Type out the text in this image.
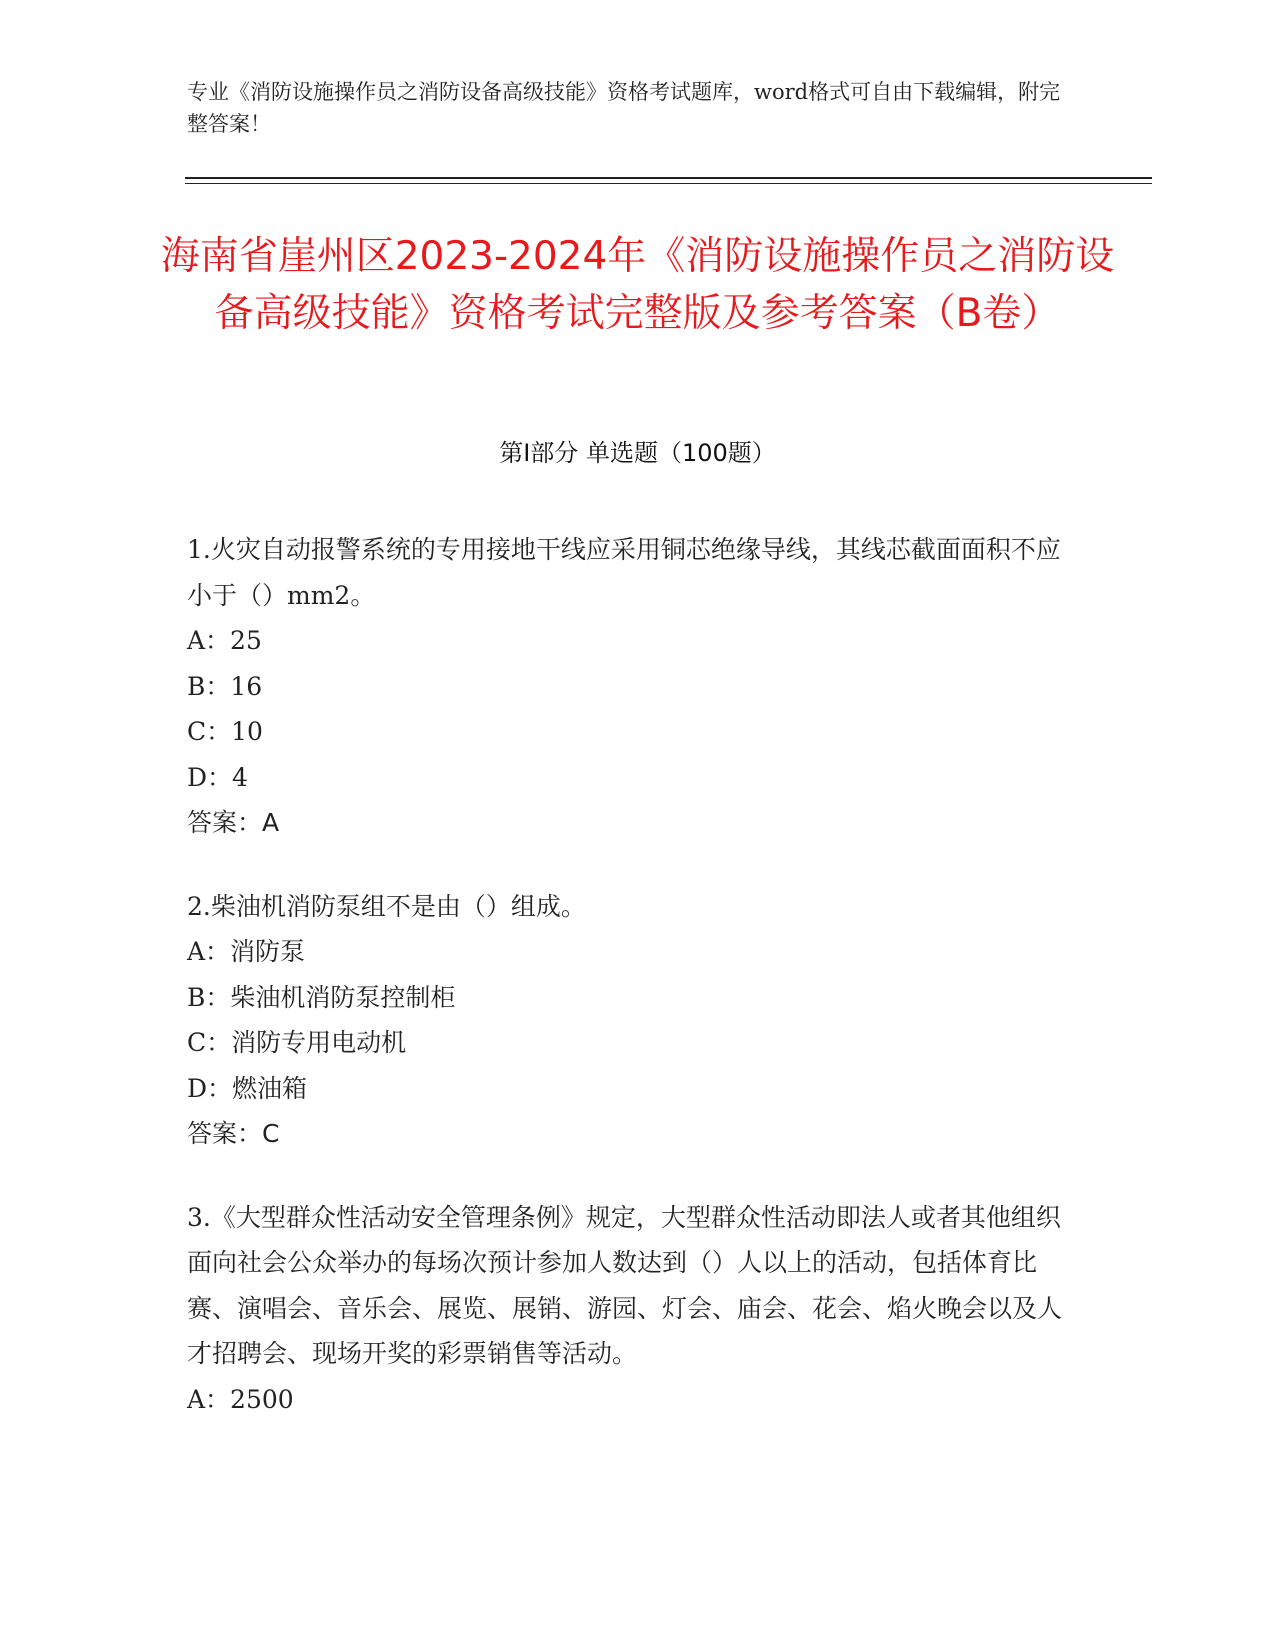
专业《消防设施操作员之消防设备高级技能》资格考试题库，word格式可自由下载编辑，附完整答案！
海南省崖州区2023-2024年《消防设施操作员之消防设备高级技能》资格考试完整版及参考答案（B卷）
第I部分 单选题（100题）

1.火灾自动报警系统的专用接地干线应采用铜芯绝缘导线，其线芯截面面积不应小于（）mm2。

A：25

B：16

C：10

D：4

答案：A

2.柴油机消防泵组不是由（）组成。

A：消防泵

B：柴油机消防泵控制柜

C：消防专用电动机

D：燃油箱

答案：C

3.《大型群众性活动安全管理条例》规定，大型群众性活动即法人或者其他组织面向社会公众举办的每场次预计参加人数达到（）人以上的活动，包括体育比赛、演唱会、音乐会、展览、展销、游园、灯会、庙会、花会、焰火晚会以及人才招聘会、现场开奖的彩票销售等活动。

A：2500
